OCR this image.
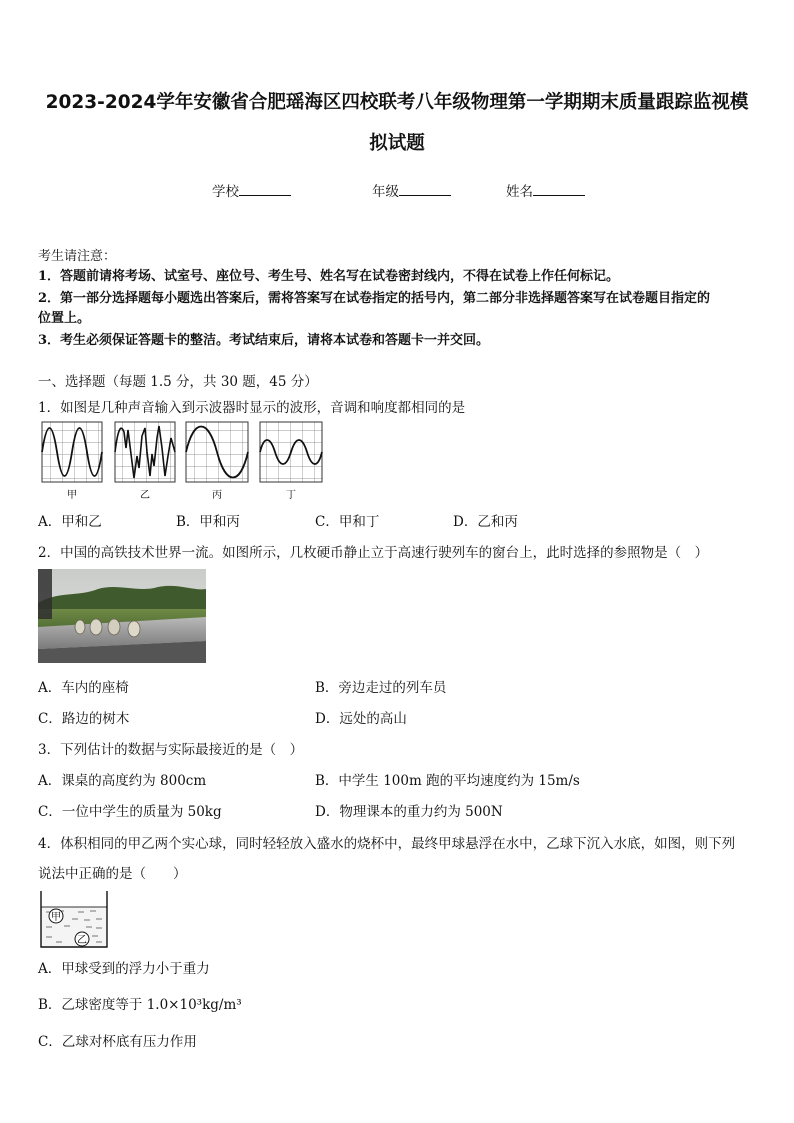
2023-2024学年安徽省合肥瑶海区四校联考八年级物理第一学期期末质量跟踪监视模
拟试题
学校	年级	姓名
考生请注意：
1．答题前请将考场、试室号、座位号、考生号、姓名写在试卷密封线内，不得在试卷上作任何标记。
2．第一部分选择题每小题选出答案后，需将答案写在试卷指定的括号内，第二部分非选择题答案写在试卷题目指定的
位置上。
3．考生必须保证答题卡的整洁。考试结束后，请将本试卷和答题卡一并交回。
一、选择题（每题 1.5 分，共 30 题，45 分）
1．如图是几种声音输入到示波器时显示的波形，音调和响度都相同的是
甲	乙	丙	丁
A．甲和乙	B．甲和丙	C．甲和丁	D．乙和丙
2．中国的高铁技术世界一流。如图所示，几枚硬币静止立于高速行驶列车的窗台上，此时选择的参照物是（　）
A．车内的座椅	B．旁边走过的列车员
C．路边的树木	D．远处的高山
3．下列估计的数据与实际最接近的是（　）
A．课桌的高度约为 800cm	B．中学生 100m 跑的平均速度约为 15m/s
C．一位中学生的质量为 50kg	D．物理课本的重力约为 500N
4．体积相同的甲乙两个实心球，同时轻轻放入盛水的烧杯中，最终甲球悬浮在水中，乙球下沉入水底，如图，则下列
说法中正确的是（　　）
甲
乙
A．甲球受到的浮力小于重力
B．乙球密度等于 1.0×10³kg/m³
C．乙球对杯底有压力作用
